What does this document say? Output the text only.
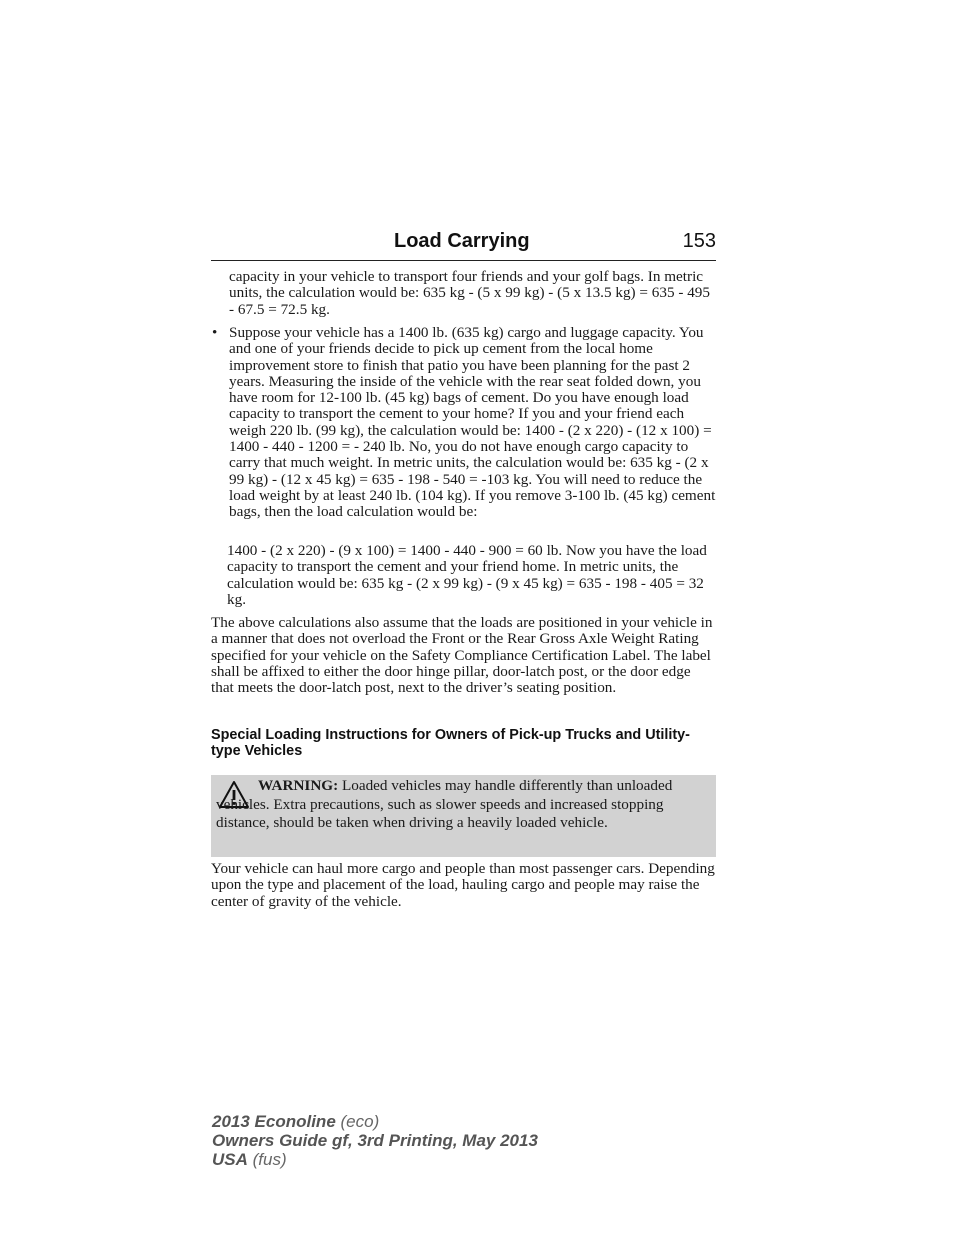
Load Carrying	153
capacity in your vehicle to transport four friends and your golf bags. In metric units, the calculation would be: 635 kg - (5 x 99 kg) - (5 x 13.5 kg) = 635 - 495 - 67.5 = 72.5 kg.
• Suppose your vehicle has a 1400 lb. (635 kg) cargo and luggage capacity. You and one of your friends decide to pick up cement from the local home improvement store to finish that patio you have been planning for the past 2 years. Measuring the inside of the vehicle with the rear seat folded down, you have room for 12-100 lb. (45 kg) bags of cement. Do you have enough load capacity to transport the cement to your home? If you and your friend each weigh 220 lb. (99 kg), the calculation would be: 1400 - (2 x 220) - (12 x 100) = 1400 - 440 - 1200 = - 240 lb. No, you do not have enough cargo capacity to carry that much weight. In metric units, the calculation would be: 635 kg - (2 x 99 kg) - (12 x 45 kg) = 635 - 198 - 540 = -103 kg. You will need to reduce the load weight by at least 240 lb. (104 kg). If you remove 3-100 lb. (45 kg) cement bags, then the load calculation would be:
1400 - (2 x 220) - (9 x 100) = 1400 - 440 - 900 = 60 lb. Now you have the load capacity to transport the cement and your friend home. In metric units, the calculation would be: 635 kg - (2 x 99 kg) - (9 x 45 kg) = 635 - 198 - 405 = 32 kg.
The above calculations also assume that the loads are positioned in your vehicle in a manner that does not overload the Front or the Rear Gross Axle Weight Rating specified for your vehicle on the Safety Compliance Certification Label. The label shall be affixed to either the door hinge pillar, door-latch post, or the door edge that meets the door-latch post, next to the driver’s seating position.
Special Loading Instructions for Owners of Pick-up Trucks and Utility-type Vehicles
WARNING: Loaded vehicles may handle differently than unloaded vehicles. Extra precautions, such as slower speeds and increased stopping distance, should be taken when driving a heavily loaded vehicle.
Your vehicle can haul more cargo and people than most passenger cars. Depending upon the type and placement of the load, hauling cargo and people may raise the center of gravity of the vehicle.
2013 Econoline (eco)
Owners Guide gf, 3rd Printing, May 2013
USA (fus)
